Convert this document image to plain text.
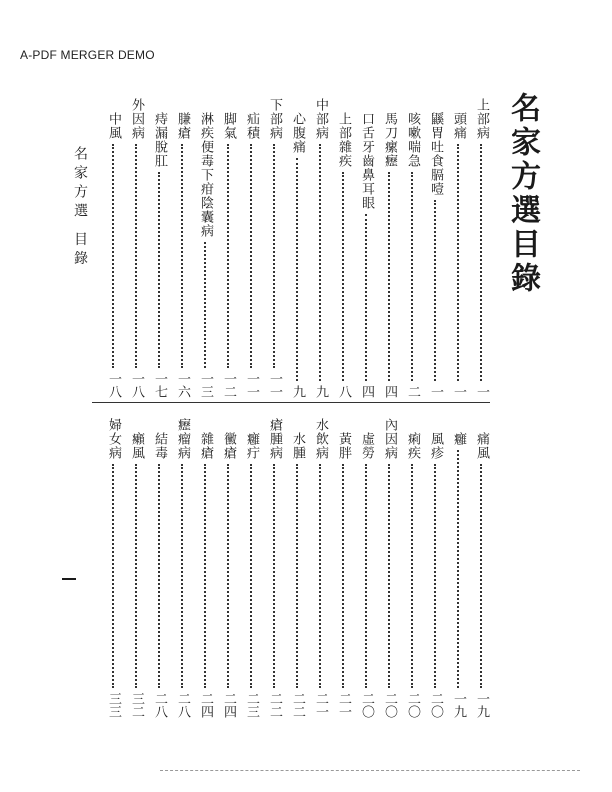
A-PDF MERGER DEMO
名家方選目錄
名家方選 目錄
上部病
一
頭痛
一
鼷胃吐食膈噎
一
咳嗽喘急
二
馬刀瘰癧
四
口舌牙齒鼻耳眼
四
上部雜疾
八
中部病
九
心腹痛
九
下部病
一一
疝積
一一
脚氣
一二
淋疾便毒下疳陰囊病
一三
膁瘡
一六
痔漏脫肛
一七
外因病
一八
中風
一八
痛風
一九
癰
一九
風疹
二〇
痢疾
二〇
內因病
二〇
虛勞
二〇
黃胖
二一
水飲病
二一
水腫
二二
瘡腫病
二二
癰疔
二三
黴瘡
二四
雜瘡
二四
癧瘤病
二八
結毒
二八
癩風
三二
婦女病
三三
